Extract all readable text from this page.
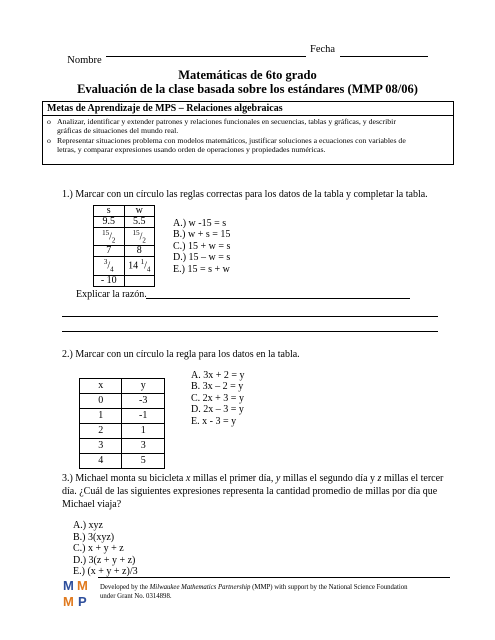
Nombre

Fecha
Matemáticas de 6to grado
Evaluación de la clase basada sobre los estándares (MMP 08/06)
Metas de Aprendizaje de MPS – Relaciones algebraicas
o Analizar, identificar y extender patrones y relaciones funcionales en secuencias, tablas y gráficas, y describir
gráficas de situaciones del mundo real.
o Representar situaciones problema con modelos matemáticos, justificar soluciones a ecuaciones con variables de
letras, y comparar expresiones usando orden de operaciones y propiedades numéricas.
1.) Marcar con un círculo las reglas correctas para los datos de la tabla y completar la tabla.
s	w
9.5	5.5
$^{15}/_2$	$^{15}/_2$
7	8
$^3/_4$	14 $^1/_4$
- 10	
A.) w -15 = s
B.) w + s = 15
C.) 15 + w = s
D.) 15 – w = s
E.) 15 = s + w
Explicar la razón.
2.) Marcar con un círculo la regla para los datos en la tabla.
x	y
0	-3
1	-1
2	1
3	3
4	5
A. 3x + 2 = y
B. 3x – 2 = y
C. 2x + 3 = y
D. 2x – 3 = y
E. x - 3 = y
3.) Michael monta su bicicleta x millas el primer día, y millas el segundo día y z millas el tercer
día. ¿Cuál de las siguientes expresiones representa la cantidad promedio de millas por día que
Michael viaja?
A.) xyz
B.) 3(xyz)
C.) x + y + z
D.) 3(z + y + z)
E.) (x + y + z)/3
M M
M P
Developed by the Milwaukee Mathematics Partnership (MMP) with support by the National Science Foundation
under Grant No. 0314898.
